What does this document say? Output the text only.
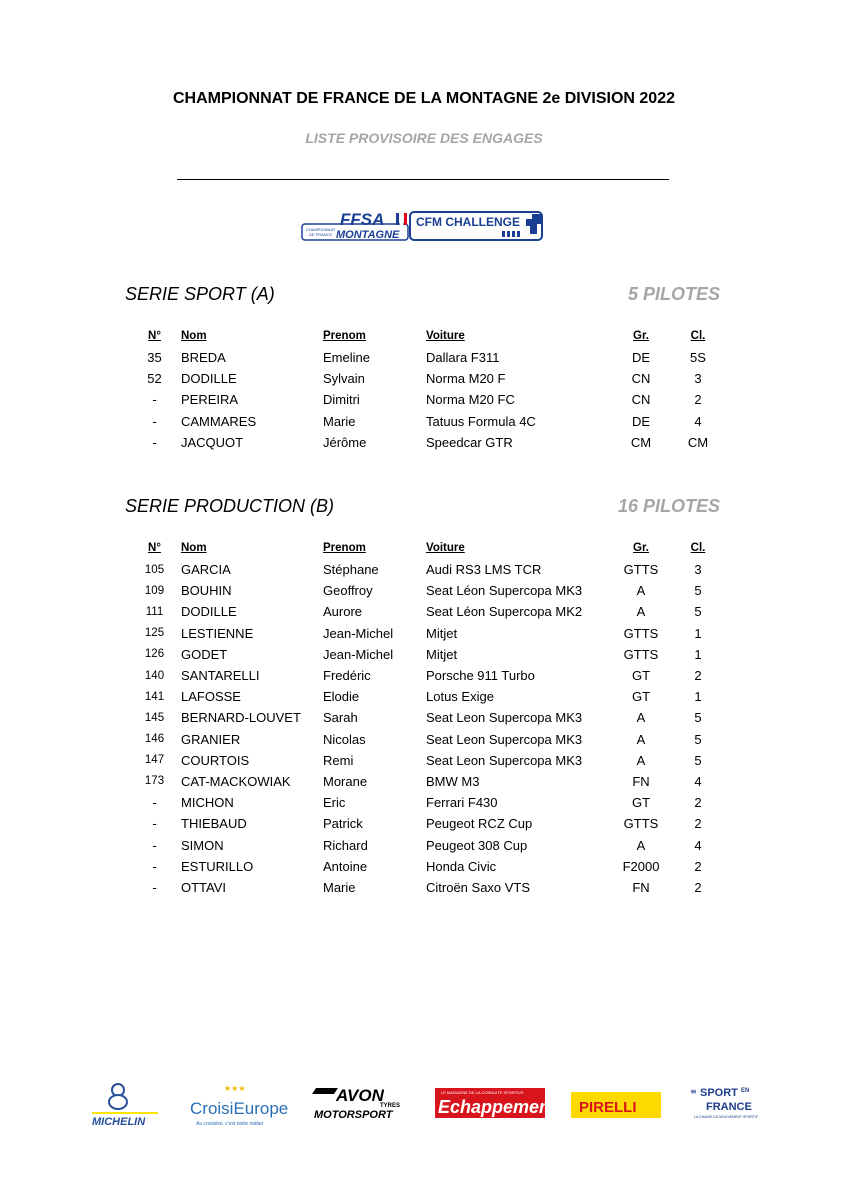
CHAMPIONNAT DE FRANCE DE LA MONTAGNE 2e DIVISION 2022
LISTE PROVISOIRE DES ENGAGES
FFSA
CHAMPIONNAT
DE FRANCE MONTAGNE
CFM CHALLENGE
SERIE SPORT (A)	5 PILOTES
N°	Nom	Prenom	Voiture	Gr.	Cl.
35	BREDA	Emeline	Dallara F311	DE	5S
52	DODILLE	Sylvain	Norma M20 F	CN	3
-	PEREIRA	Dimitri	Norma M20 FC	CN	2
-	CAMMARES	Marie	Tatuus Formula 4C	DE	4
-	JACQUOT	Jérôme	Speedcar GTR	CM	CM
SERIE PRODUCTION (B)	16 PILOTES
N°	Nom	Prenom	Voiture	Gr.	Cl.
105	GARCIA	Stéphane	Audi RS3 LMS TCR	GTTS	3
109	BOUHIN	Geoffroy	Seat Léon Supercopa MK3	A	5
111	DODILLE	Aurore	Seat Léon Supercopa MK2	A	5
125	LESTIENNE	Jean-Michel	Mitjet	GTTS	1
126	GODET	Jean-Michel	Mitjet	GTTS	1
140	SANTARELLI	Fredéric	Porsche 911 Turbo	GT	2
141	LAFOSSE	Elodie	Lotus Exige	GT	1
145	BERNARD-LOUVET	Sarah	Seat Leon Supercopa MK3	A	5
146	GRANIER	Nicolas	Seat Leon Supercopa MK3	A	5
147	COURTOIS	Remi	Seat Leon Supercopa MK3	A	5
173	CAT-MACKOWIAK	Morane	BMW M3	FN	4
-	MICHON	Eric	Ferrari F430	GT	2
-	THIEBAUD	Patrick	Peugeot RCZ Cup	GTTS	2
-	SIMON	Richard	Peugeot 308 Cup	A	4
-	ESTURILLO	Antoine	Honda Civic	F2000	2
-	OTTAVI	Marie	Citroën Saxo VTS	FN	2
MICHELIN
★★★
CroisiEurope
Au croisière, c'est notre métier
AVON
TYRES
MOTORSPORT
LE MAGAZINE DE LA CONDUITE SPORTIVE
Echappement PIRELLI
≡ SPORT EN
FRANCE
LA CHAINE DU MOUVEMENT SPORTIF
